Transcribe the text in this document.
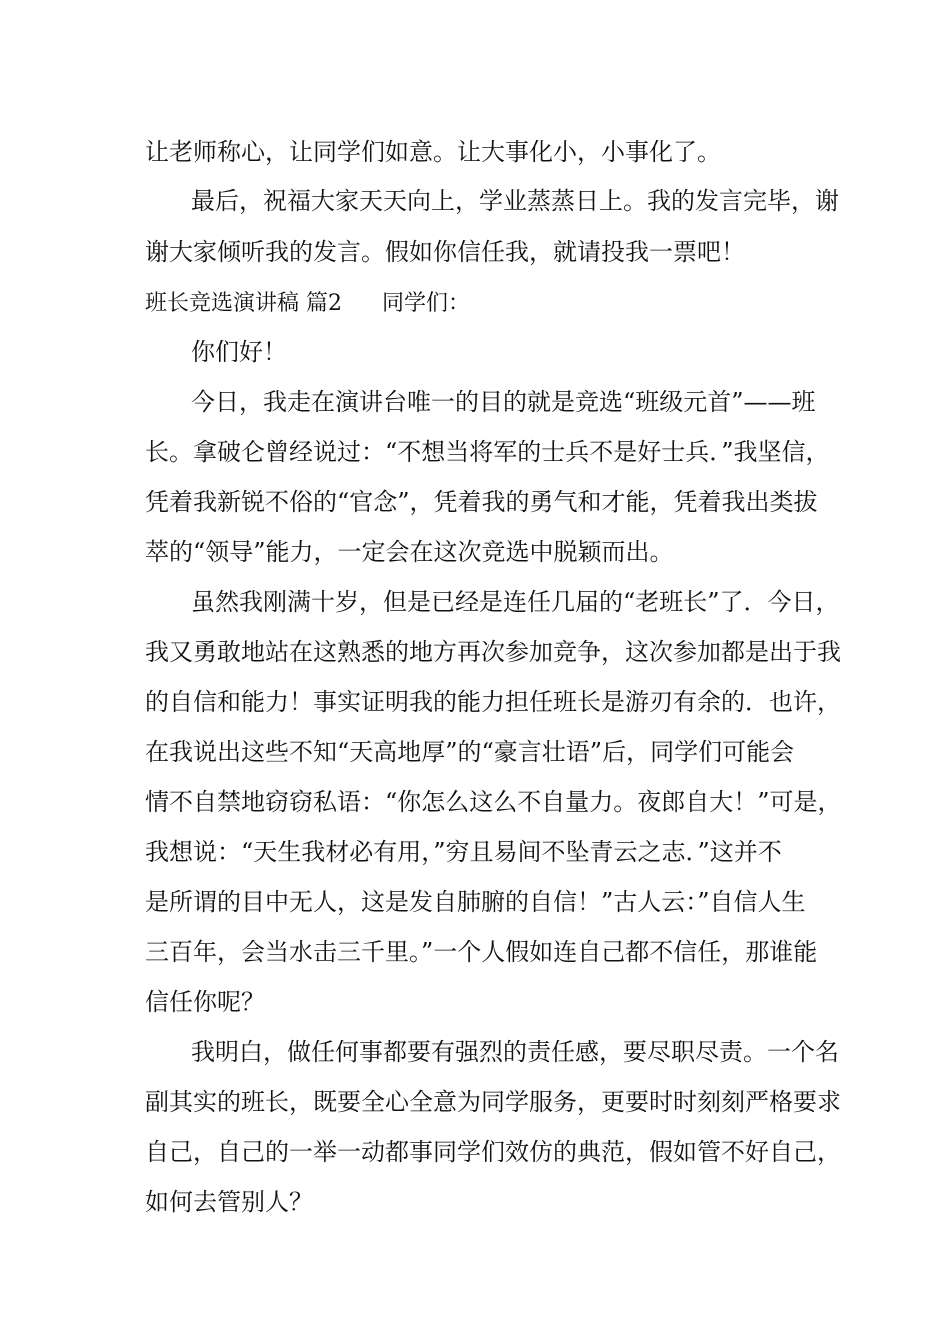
让老师称心，让同学们如意。让大事化小，小事化了。
最后，祝福大家天天向上，学业蒸蒸日上。我的发言完毕，谢
谢大家倾听我的发言。假如你信任我，就请投我一票吧！
班长竞选演讲稿 篇2 同学们：
你们好！
今日，我走在演讲台唯一的目的就是竞选“班级元首”——班
长。拿破仑曾经说过：“不想当将军的士兵不是好士兵．”我坚信，
凭着我新锐不俗的“官念”，凭着我的勇气和才能，凭着我出类拔
萃的“领导”能力，一定会在这次竞选中脱颖而出。
虽然我刚满十岁，但是已经是连任几届的“老班长”了．今日，
我又勇敢地站在这熟悉的地方再次参加竞争，这次参加都是出于我
的自信和能力！事实证明我的能力担任班长是游刃有余的．也许，
在我说出这些不知“天高地厚”的“豪言壮语”后，同学们可能会
情不自禁地窃窃私语：“你怎么这么不自量力。夜郎自大！”可是，
我想说：“天生我材必有用，”穷且易间不坠青云之志．”这并不
是所谓的目中无人，这是发自肺腑的自信！”古人云：”自信人生
三百年，会当水击三千里。”一个人假如连自己都不信任，那谁能
信任你呢？
我明白，做任何事都要有强烈的责任感，要尽职尽责。一个名
副其实的班长，既要全心全意为同学服务，更要时时刻刻严格要求
自己，自己的一举一动都事同学们效仿的典范，假如管不好自己，
如何去管别人？
